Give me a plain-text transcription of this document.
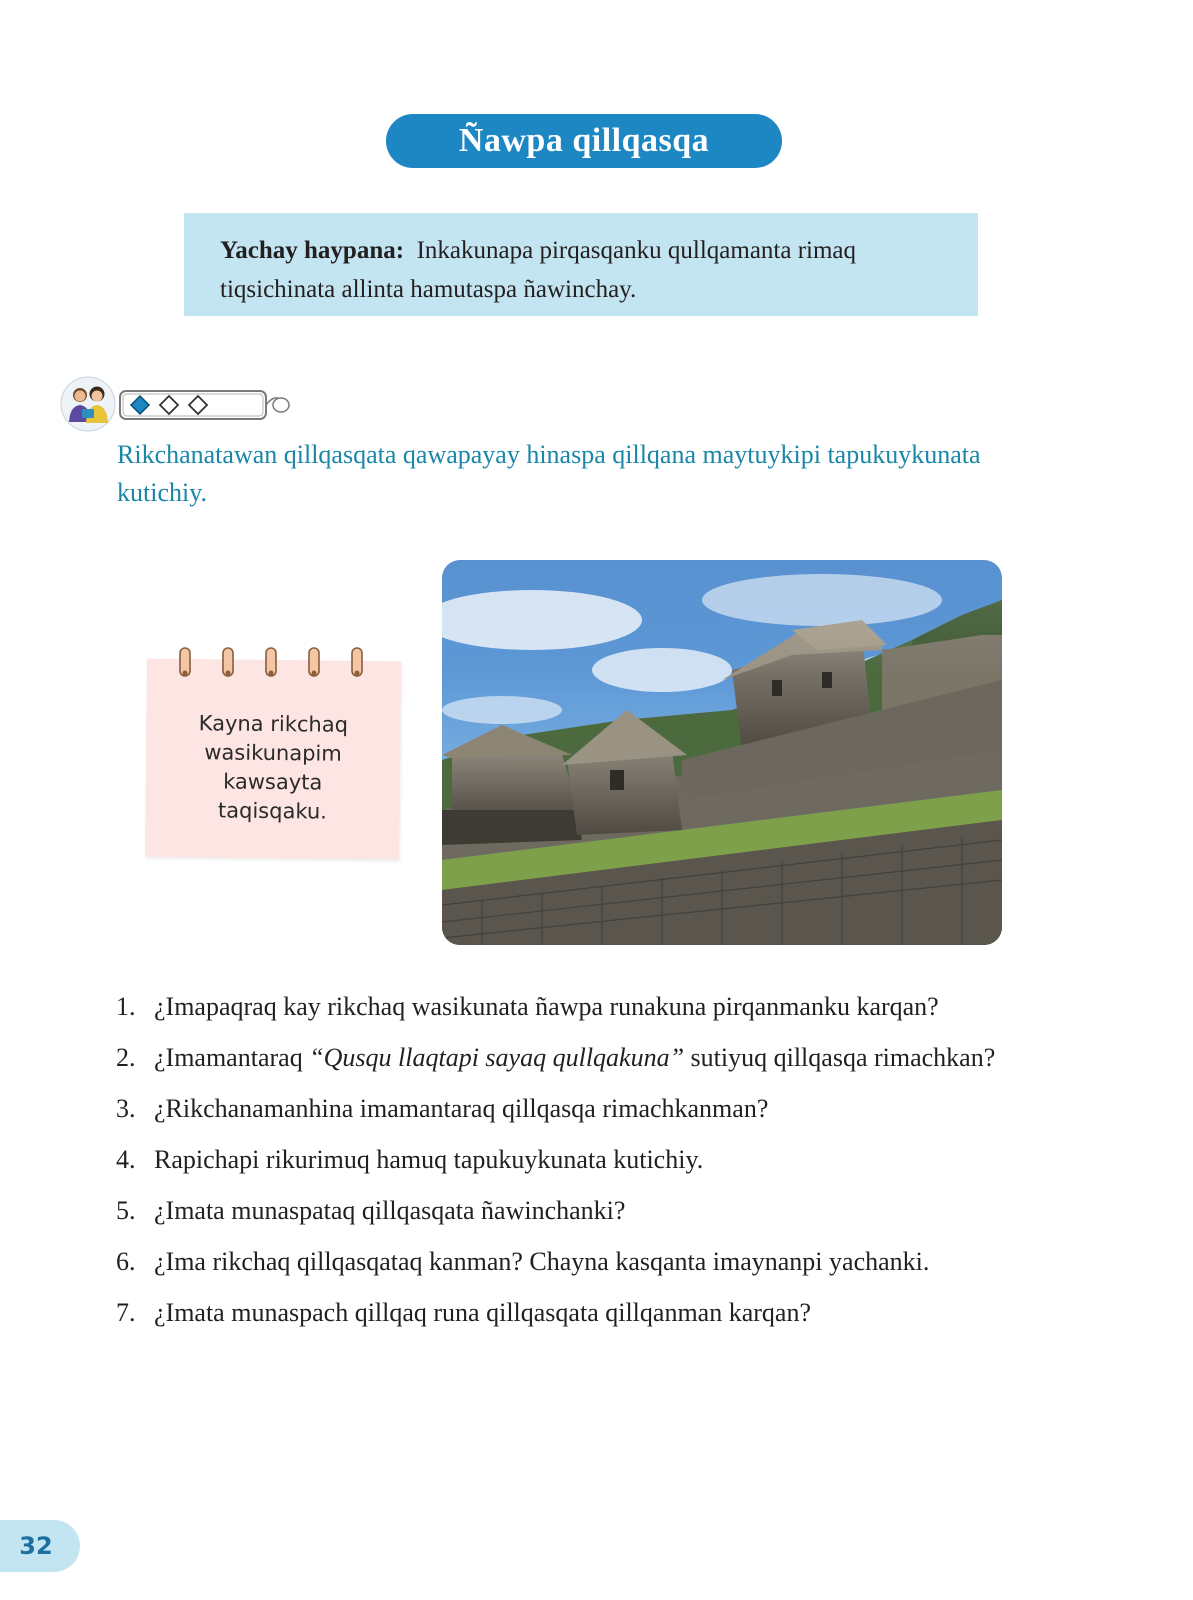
Ñawpa qillqasqa
Yachay haypana: Inkakunapa pirqasqanku qullqamanta rimaq tiqsichinata allinta hamutaspa ñawinchay.
Rikchanatawan qillqasqata qawapayay hinaspa qillqana maytuykipi tapukuykunata kutichiy.
Kayna rikchaq
wasikunapim
kawsayta
taqisqaku.
1. ¿Imapaqraq kay rikchaq wasikunata ñawpa runakuna pirqanmanku karqan?
2. ¿Imamantaraq “Qusqu llaqtapi sayaq qullqakuna” sutiyuq qillqasqa rimachkan?
3. ¿Rikchanamanhina imamantaraq qillqasqa rimachkanman?
4. Rapichapi rikurimuq hamuq tapukuykunata kutichiy.
5. ¿Imata munaspataq qillqasqata ñawinchanki?
6. ¿Ima rikchaq qillqasqataq kanman? Chayna kasqanta imaynanpi yachanki.
7. ¿Imata munaspach qillqaq runa qillqasqata qillqanman karqan?
32
